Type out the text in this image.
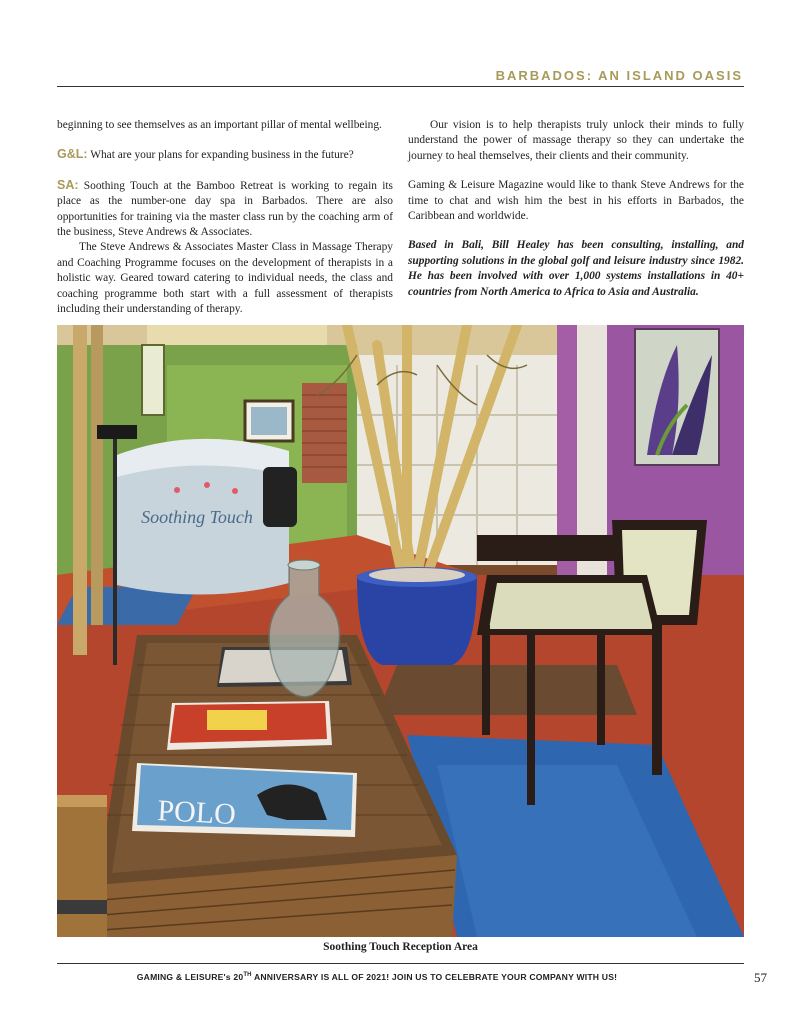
BARBADOS: AN ISLAND OASIS

beginning to see themselves as an important pillar of mental wellbeing.

G&L: What are your plans for expanding business in the future?

SA: Soothing Touch at the Bamboo Retreat is working to regain its place as the number-one day spa in Barbados. There are also opportunities for training via the master class run by the coaching arm of the business, Steve Andrews & Associates.

The Steve Andrews & Associates Master Class in Massage Therapy and Coaching Programme focuses on the development of therapists in a holistic way. Geared toward catering to individual needs, the class and coaching programme both start with a full assessment of therapists including their understanding of therapy.

Our vision is to help therapists truly unlock their minds to fully understand the power of massage therapy so they can undertake the journey to heal themselves, their clients and their community.

Gaming & Leisure Magazine would like to thank Steve Andrews for the time to chat and wish him the best in his efforts in Barbados, the Caribbean and worldwide.

Based in Bali, Bill Healey has been consulting, installing, and supporting solutions in the global golf and leisure industry since 1982. He has been involved with over 1,000 systems installations in 40+ countries from North America to Africa to Asia and Australia.

Soothing Touch
POLO
Soothing Touch Reception Area
GAMING & LEISURE's 20TH ANNIVERSARY IS ALL OF 2021! JOIN US TO CELEBRATE YOUR COMPANY WITH US!	57
